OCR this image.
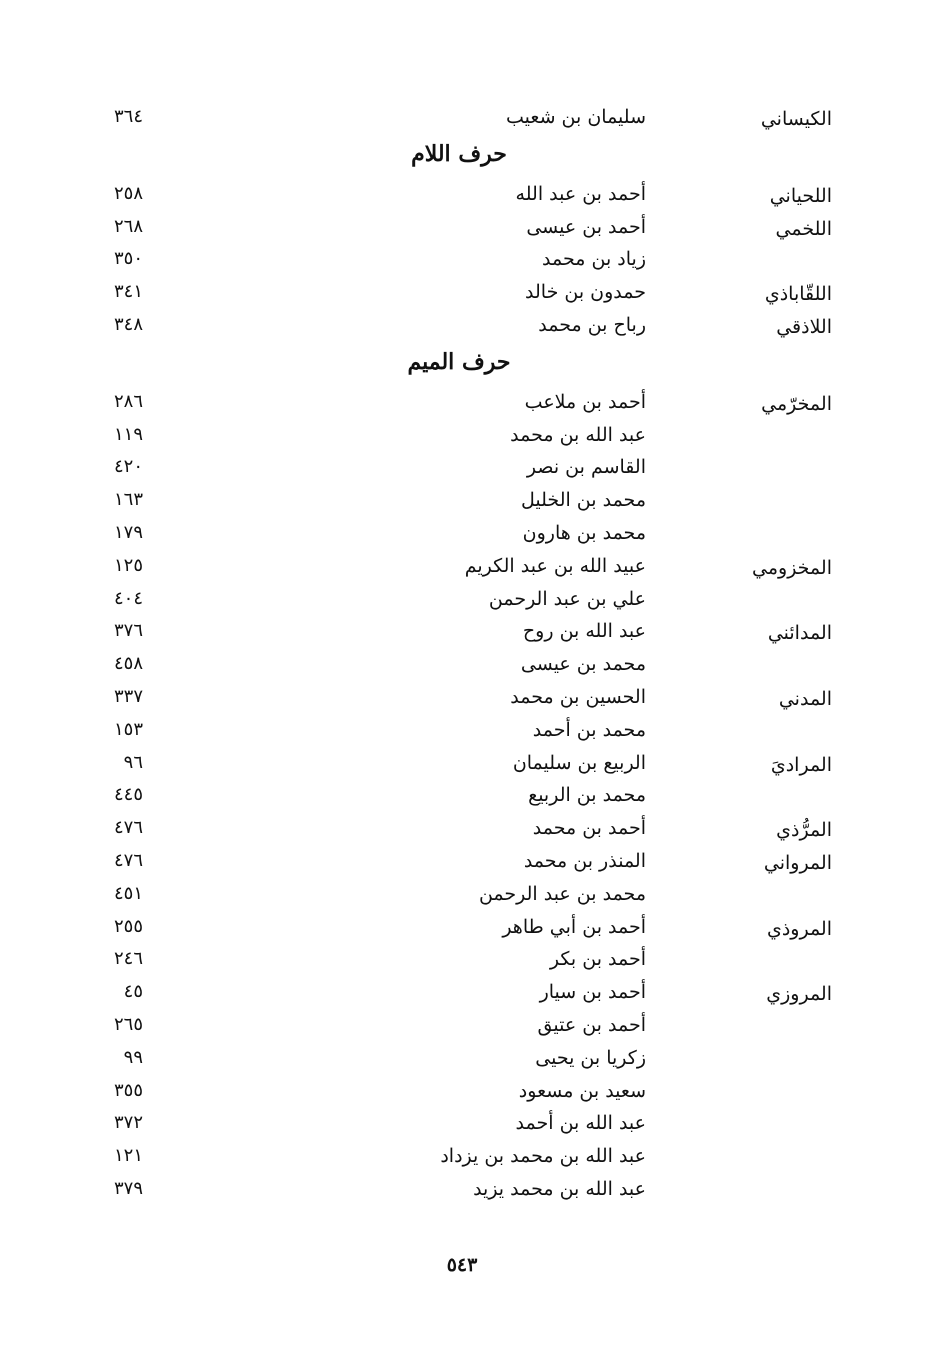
الكيساني
سليمان بن شعيب
٣٦٤
حرف اللام
اللحياني
أحمد بن عبد الله
٢٥٨
اللخمي
أحمد بن عيسى
٢٦٨
زياد بن محمد
٣٥٠
اللقّاباذي
حمدون بن خالد
٣٤١
اللاذقي
رباح بن محمد
٣٤٨
حرف الميم
المخرّمي
أحمد بن ملاعب
٢٨٦
عبد الله بن محمد
١١٩
القاسم بن نصر
٤٢٠
محمد بن الخليل
١٦٣
محمد بن هارون
١٧٩
المخزومي
عبيد الله بن عبد الكريم
١٢٥
علي بن عبد الرحمن
٤٠٤
المدائني
عبد الله بن روح
٣٧٦
محمد بن عيسى
٤٥٨
المدني
الحسين بن محمد
٣٣٧
محمد بن أحمد
١٥٣
المراديَ
الربيع بن سليمان
٩٦
محمد بن الربيع
٤٤٥
المرُّذي
أحمد بن محمد
٤٧٦
المرواني
المنذر بن محمد
٤٧٦
محمد بن عبد الرحمن
٤٥١
المروذي
أحمد بن أبي طاهر
٢٥٥
أحمد بن بكر
٢٤٦
المروزي
أحمد بن سيار
٤٥
أحمد بن عتيق
٢٦٥
زكريا بن يحيى
٩٩
سعيد بن مسعود
٣٥٥
عبد الله بن أحمد
٣٧٢
عبد الله بن محمد بن يزداد
١٢١
عبد الله بن محمد يزيد
٣٧٩
٥٤٣
